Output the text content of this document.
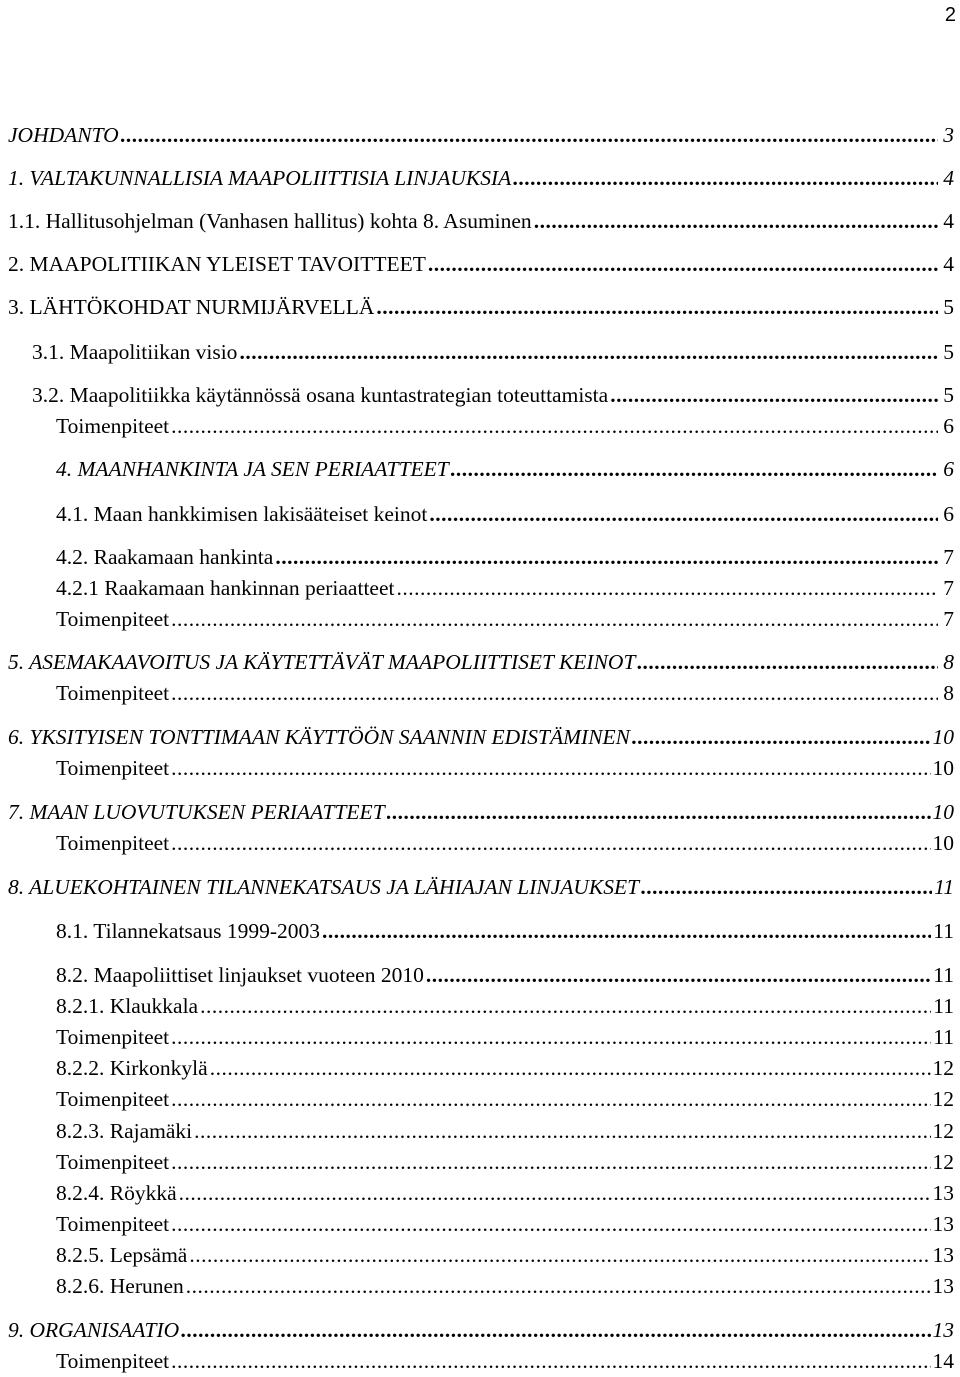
2
JOHDANTO .....	3
1. VALTAKUNNALLISIA MAAPOLIITTISIA LINJAUKSIA .....	4
1.1. Hallitusohjelman (Vanhasen hallitus) kohta 8. Asuminen .....	4
2. MAAPOLITIIKAN YLEISET TAVOITTEET .....	4
3. LÄHTÖKOHDAT NURMIJÄRVELLÄ .....	5
3.1. Maapolitiikan visio .....	5
3.2. Maapolitiikka käytännössä osana kuntastrategian toteuttamista .....	5
Toimenpiteet .....	6
4. MAANHANKINTA JA SEN PERIAATTEET .....	6
4.1. Maan hankkimisen lakisääteiset keinot .....	6
4.2. Raakamaan hankinta .....	7
4.2.1 Raakamaan hankinnan periaatteet .....	7
Toimenpiteet .....	7
5. ASEMAKAAVOITUS JA KÄYTETTÄVÄT MAAPOLIITTISET KEINOT .....	8
Toimenpiteet .....	8
6. YKSITYISEN TONTTIMAAN KÄYTTÖÖN SAANNIN EDISTÄMINEN .....	10
Toimenpiteet .....	10
7. MAAN LUOVUTUKSEN PERIAATTEET .....	10
Toimenpiteet .....	10
8. ALUEKOHTAINEN TILANNEKATSAUS JA LÄHIAJAN LINJAUKSET .....	11
8.1. Tilannekatsaus 1999-2003 .....	11
8.2. Maapoliittiset linjaukset vuoteen 2010 .....	11
8.2.1. Klaukkala .....	11
Toimenpiteet .....	11
8.2.2. Kirkonkylä .....	12
Toimenpiteet .....	12
8.2.3. Rajamäki .....	12
Toimenpiteet .....	12
8.2.4. Röykkä .....	13
Toimenpiteet .....	13
8.2.5. Lepsämä .....	13
8.2.6. Herunen .....	13
9. ORGANISAATIO .....	13
Toimenpiteet .....	14
